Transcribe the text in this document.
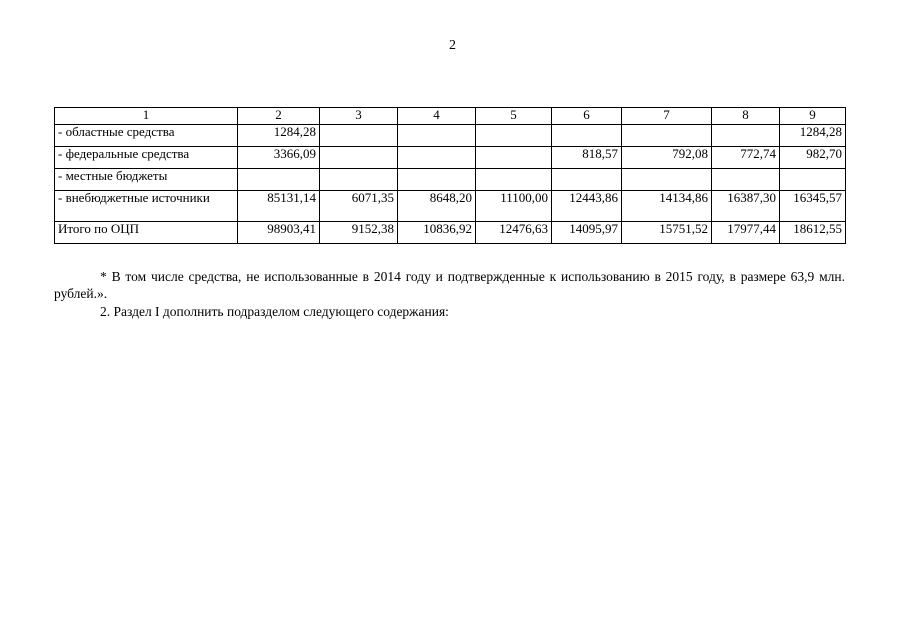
2
1	2	3	4	5	6	7	8	9
- областные средства	1284,28							1284,28
- федеральные средства	3366,09				818,57	792,08	772,74	982,70
- местные бюджеты								
- внебюджетные источники	85131,14	6071,35	8648,20	11100,00	12443,86	14134,86	16387,30	16345,57
Итого по ОЦП	98903,41	9152,38	10836,92	12476,63	14095,97	15751,52	17977,44	18612,55
* В том числе средства, не использованные в 2014 году и подтвержденные к использованию в 2015 году, в размере 63,9 млн. рублей.».
2. Раздел I дополнить подразделом следующего содержания:
